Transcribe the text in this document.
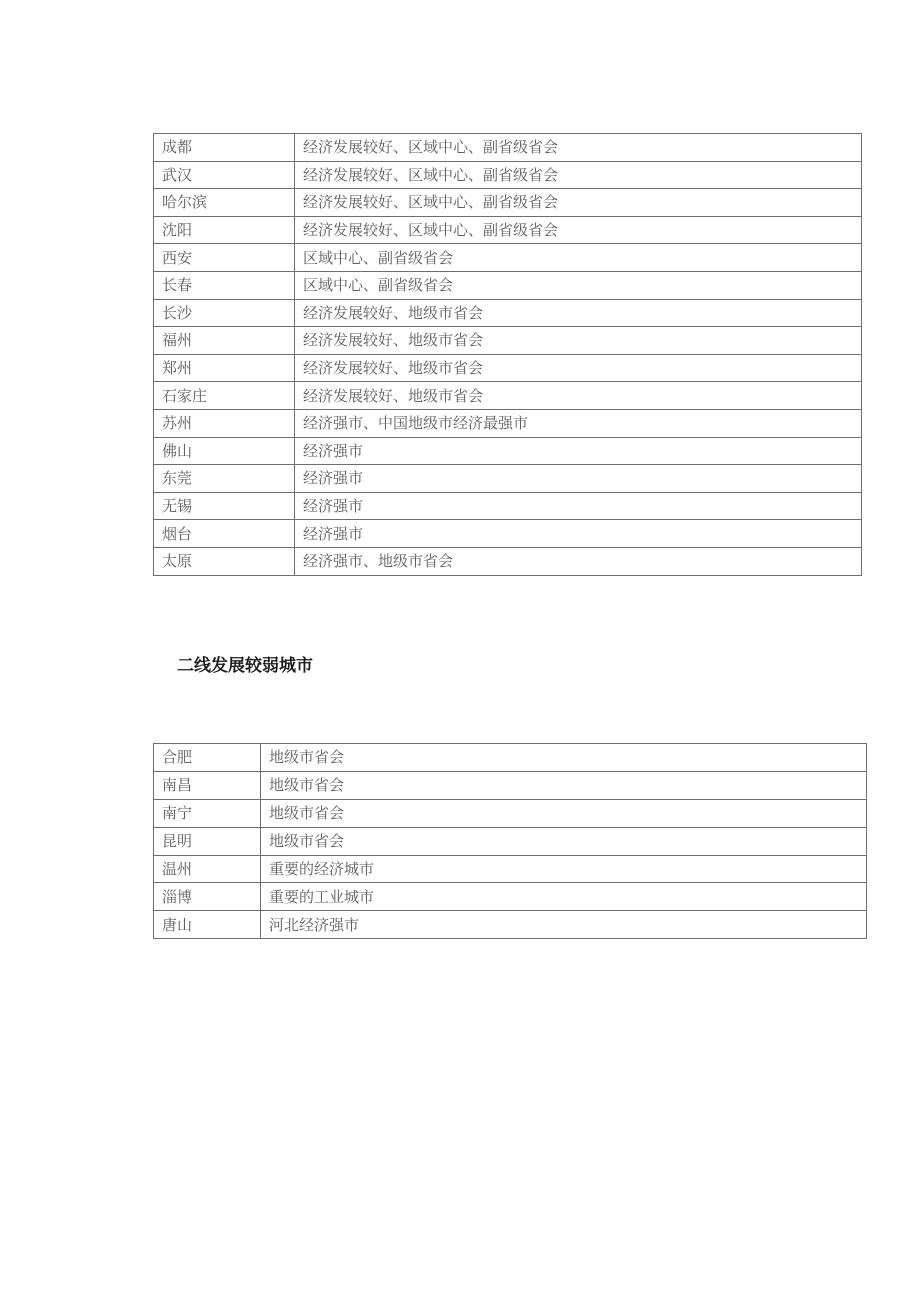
成都	经济发展较好、区域中心、副省级省会
武汉	经济发展较好、区域中心、副省级省会
哈尔滨	经济发展较好、区域中心、副省级省会
沈阳	经济发展较好、区域中心、副省级省会
西安	区域中心、副省级省会
长春	区域中心、副省级省会
长沙	经济发展较好、地级市省会
福州	经济发展较好、地级市省会
郑州	经济发展较好、地级市省会
石家庄	经济发展较好、地级市省会
苏州	经济强市、中国地级市经济最强市
佛山	经济强市
东莞	经济强市
无锡	经济强市
烟台	经济强市
太原	经济强市、地级市省会
二线发展较弱城市
合肥	地级市省会
南昌	地级市省会
南宁	地级市省会
昆明	地级市省会
温州	重要的经济城市
淄博	重要的工业城市
唐山	河北经济强市
